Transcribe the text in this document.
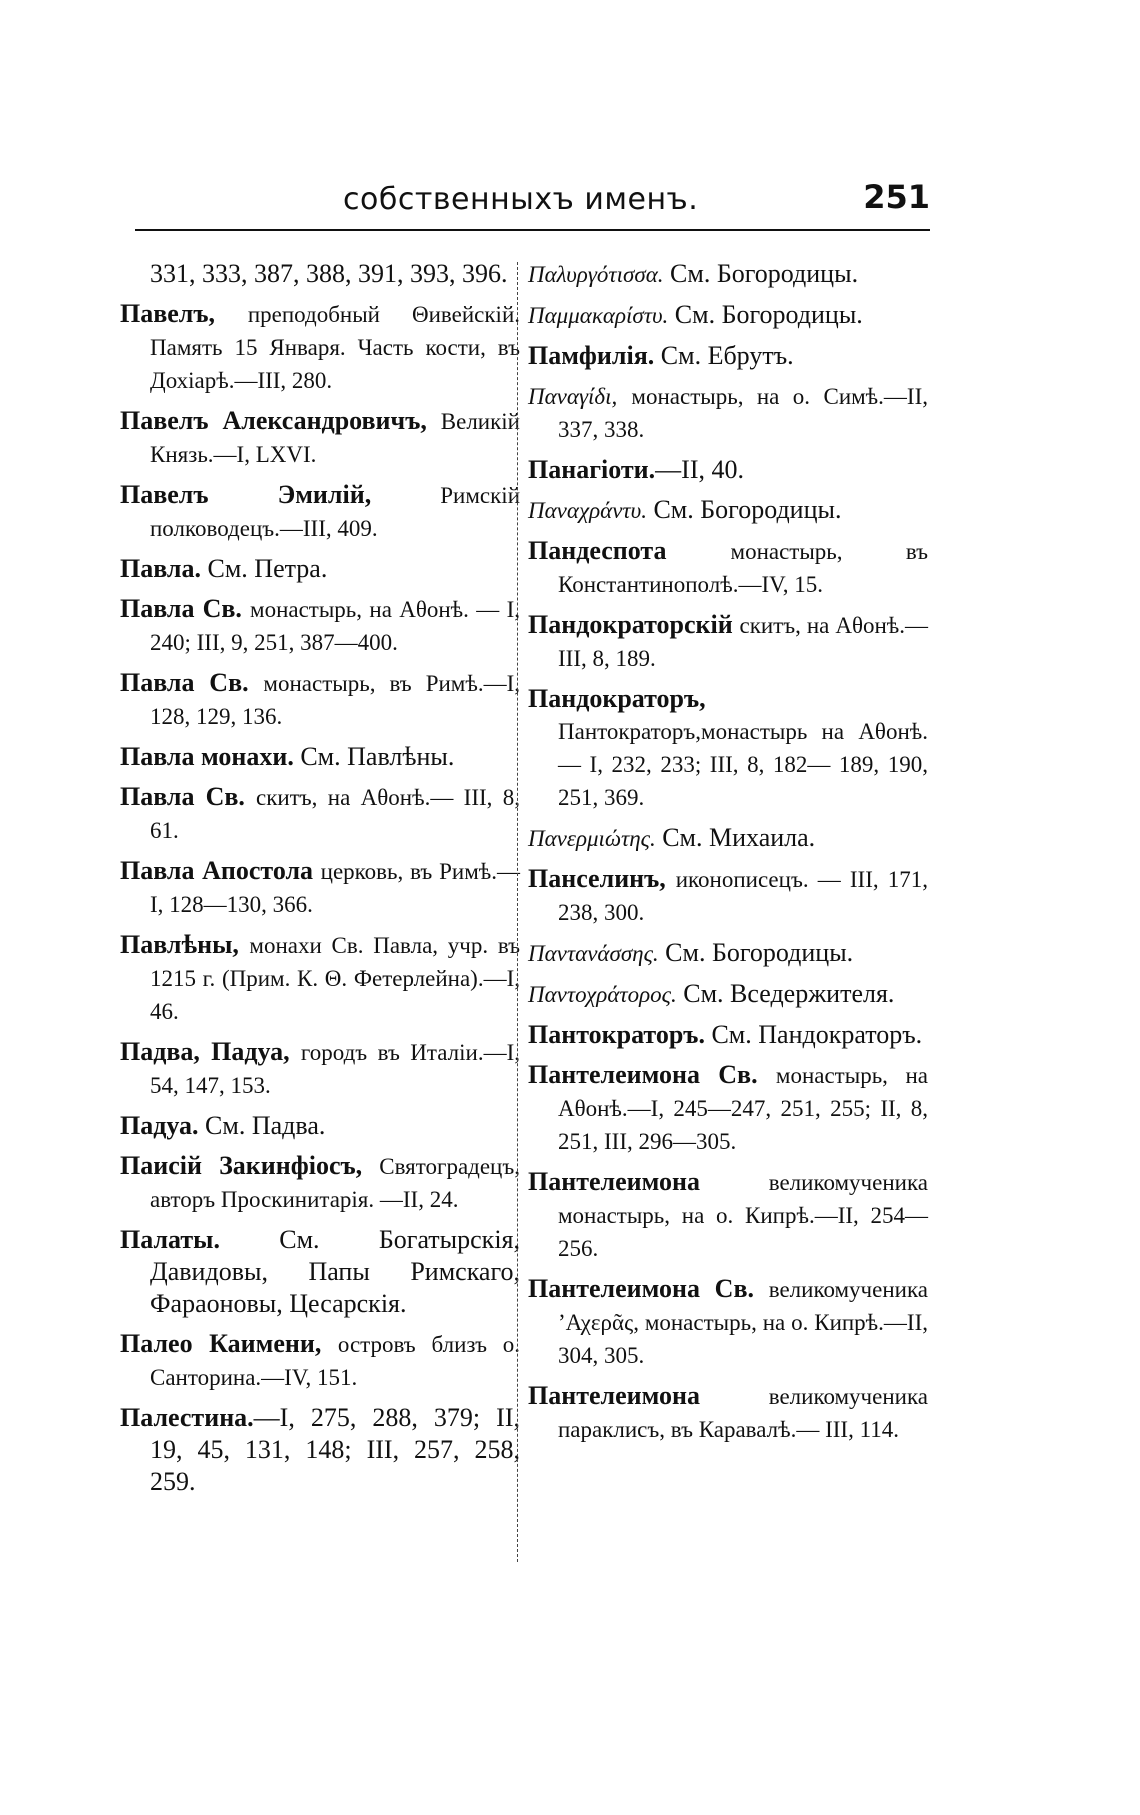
собственныхъ именъ.	251

331, 333, 387, 388, 391, 393, 396.

Павелъ, преподобный Θивейскій. Память 15 Января. Часть кости, въ Дохіарѣ.—III, 280.

Павелъ Александровичъ, Великій Князь.—I, LXVI.

Павелъ Эмилій,	Римскій полководецъ.—III, 409.

Павла. См. Петра.

Павла Св. монастырь, на Аθонѣ. — I, 240; III, 9, 251, 387—400.

Павла Св. монастырь, въ Римѣ.—I, 128, 129, 136.

Павла монахи. См. Павлѣны.

Павла Св. скитъ, на Аθонѣ.— III, 8, 61.

Павла Апостола церковь, въ Римѣ.—I, 128—130, 366.

Павлѣны, монахи Св. Павла, учр. въ 1215 г. (Прим. К. Θ. Фетерлейна).—I, 46.

Падва, Падуа, городъ въ Италіи.—I, 54, 147, 153.

Падуа. См. Падва.

Паисій Закинфіосъ, Святоградецъ, авторъ Проскинитарія. —II, 24.

Палаты. См. Богатырскія, Давидовы, Папы Римскаго, Фараоновы, Цесарскія.

Палео Каимени, островъ близъ о. Санторина.—IV, 151.

Палестина.—I, 275, 288, 379; II, 19, 45, 131, 148; III, 257, 258, 259.

Παλυργότισσα. См. Богородицы.

Παμμακαρίστυ. См. Богородицы.

Памфилія. См. Ебрутъ.

Παναγίδι, монастырь, на о. Симѣ.—II, 337, 338.

Панагіоти.—II, 40.

Παναχράντυ. См. Богородицы.

Пандеспота	монастырь, въ Константинополѣ.—IV, 15.

Пандократорскій скитъ, на Аθонѣ.—III, 8, 189.

Пандократоръ, Пантократоръ,монастырь на Аθонѣ.— I, 232, 233; III, 8, 182— 189, 190, 251, 369.

Πανερμιώτης. См. Михаила.

Панселинъ, иконописецъ. — III, 171, 238, 300.

Παντανάσσης. См. Богородицы.

Παντοχράτορος. См. Вседержителя.

Пантократоръ. См. Пандократоръ.

Пантелеимона Св. монастырь, на Аθонѣ.—I, 245—247, 251, 255; II, 8, 251, III, 296—305.

Пантелеимона	великомученика монастырь, на о. Кипрѣ.—II, 254—256.

Пантелеимона Св. великомученика ’Αχερᾶς, монастырь, на о. Кипрѣ.—II, 304, 305.

Пантелеимона	великомученика параклисъ, въ Каравалѣ.— III, 114.
